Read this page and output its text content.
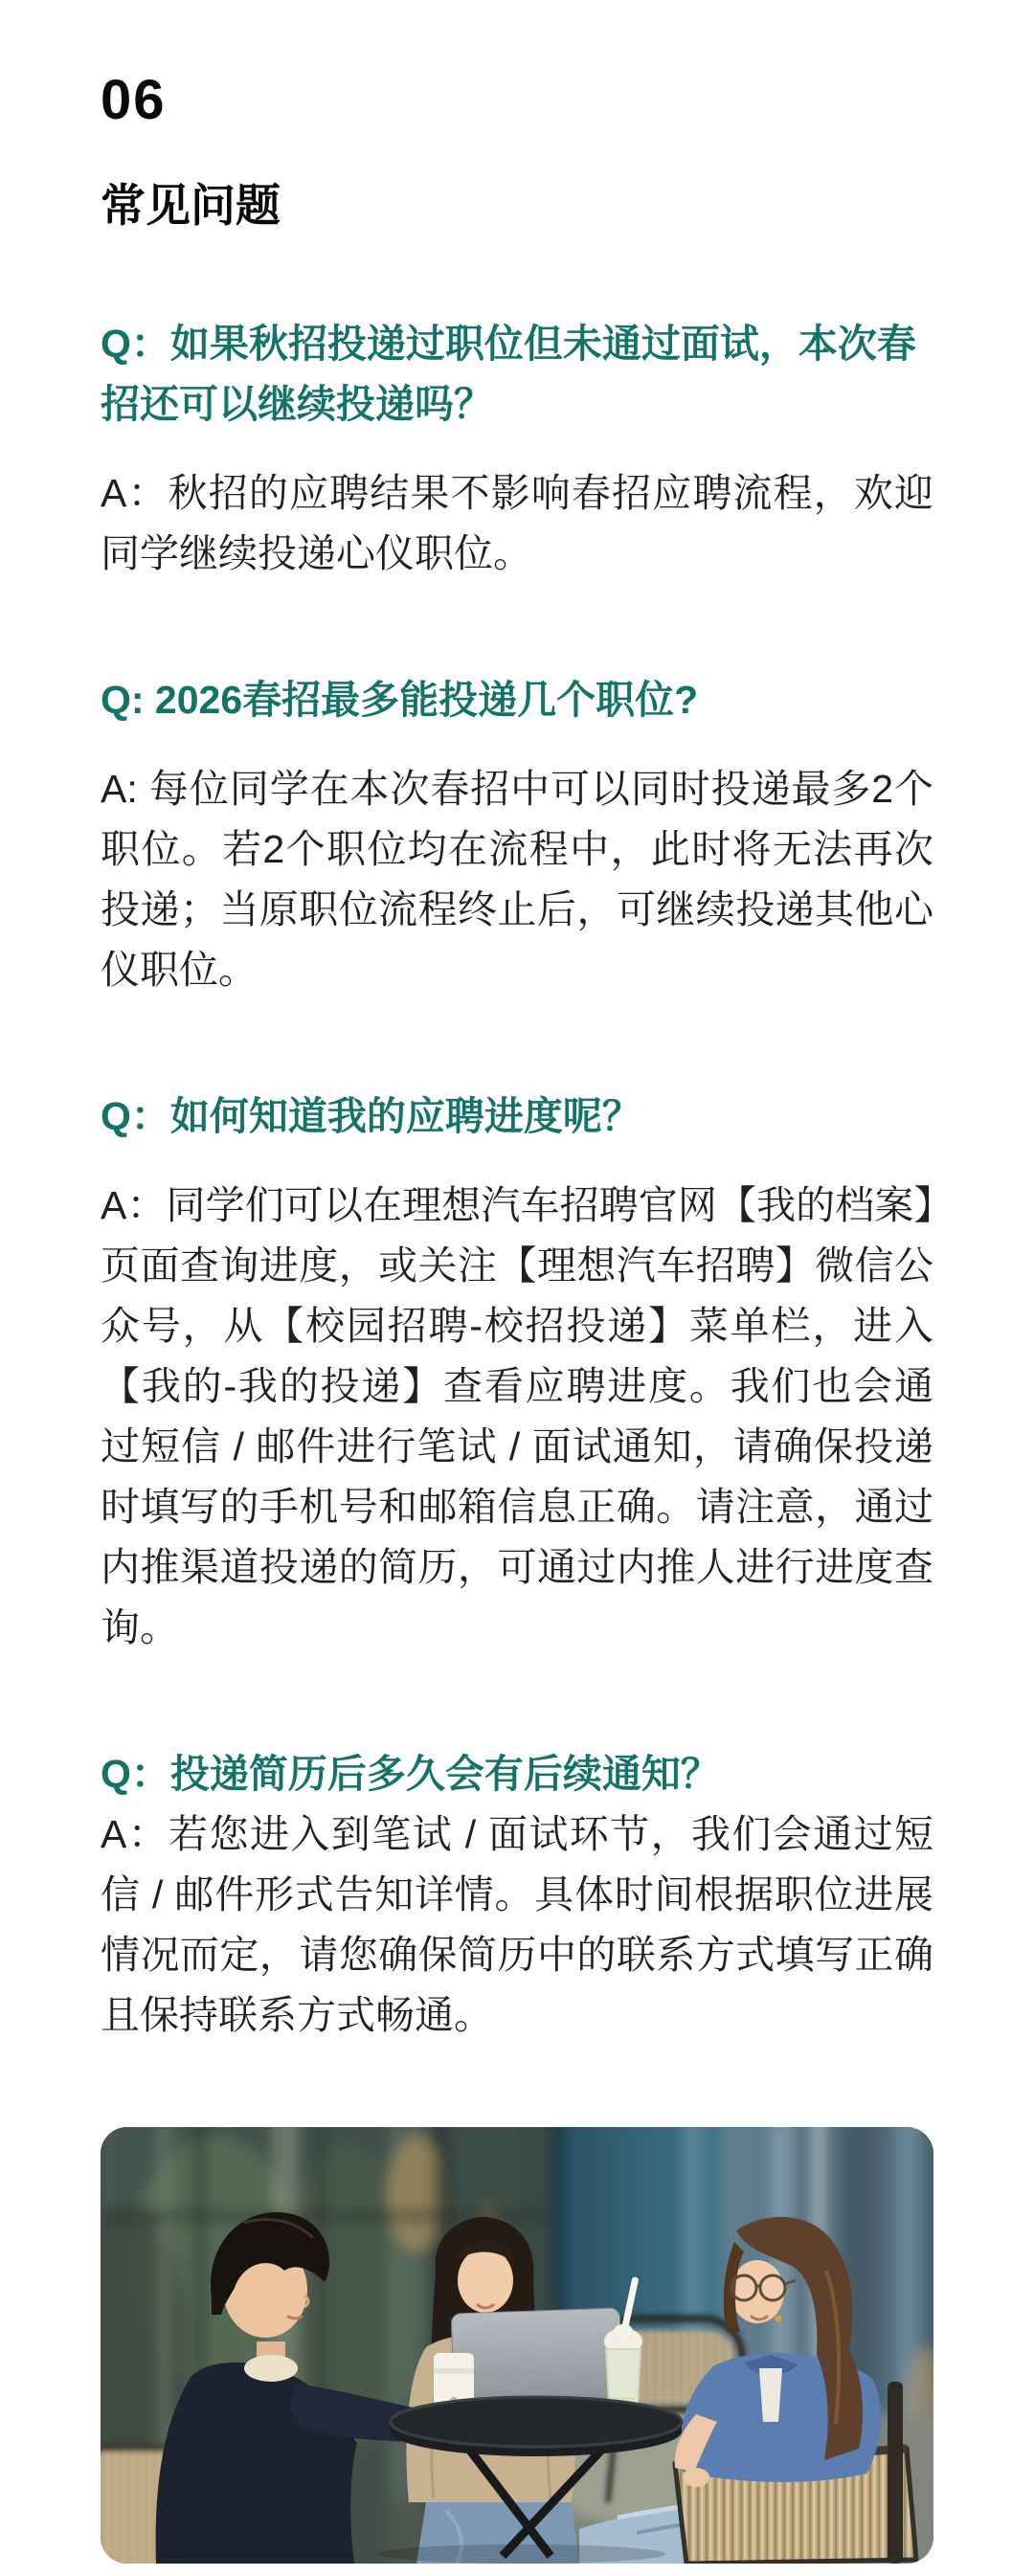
06
常见问题
Q：如果秋招投递过职位但未通过面试，本次春招还可以继续投递吗？
A：秋招的应聘结果不影响春招应聘流程，欢迎同学继续投递心仪职位。
Q: 2026春招最多能投递几个职位?
A: 每位同学在本次春招中可以同时投递最多2个职位。若2个职位均在流程中，此时将无法再次投递；当原职位流程终止后，可继续投递其他心仪职位。
Q：如何知道我的应聘进度呢？
A：同学们可以在理想汽车招聘官网【我的档案】页面查询进度，或关注【理想汽车招聘】微信公众号，从【校园招聘-校招投递】菜单栏，进入【我的-我的投递】查看应聘进度。我们也会通过短信 / 邮件进行笔试 / 面试通知，请确保投递时填写的手机号和邮箱信息正确。请注意，通过内推渠道投递的简历，可通过内推人进行进度查询。
Q：投递简历后多久会有后续通知？
A：若您进入到笔试 / 面试环节，我们会通过短信 / 邮件形式告知详情。具体时间根据职位进展情况而定，请您确保简历中的联系方式填写正确且保持联系方式畅通。
